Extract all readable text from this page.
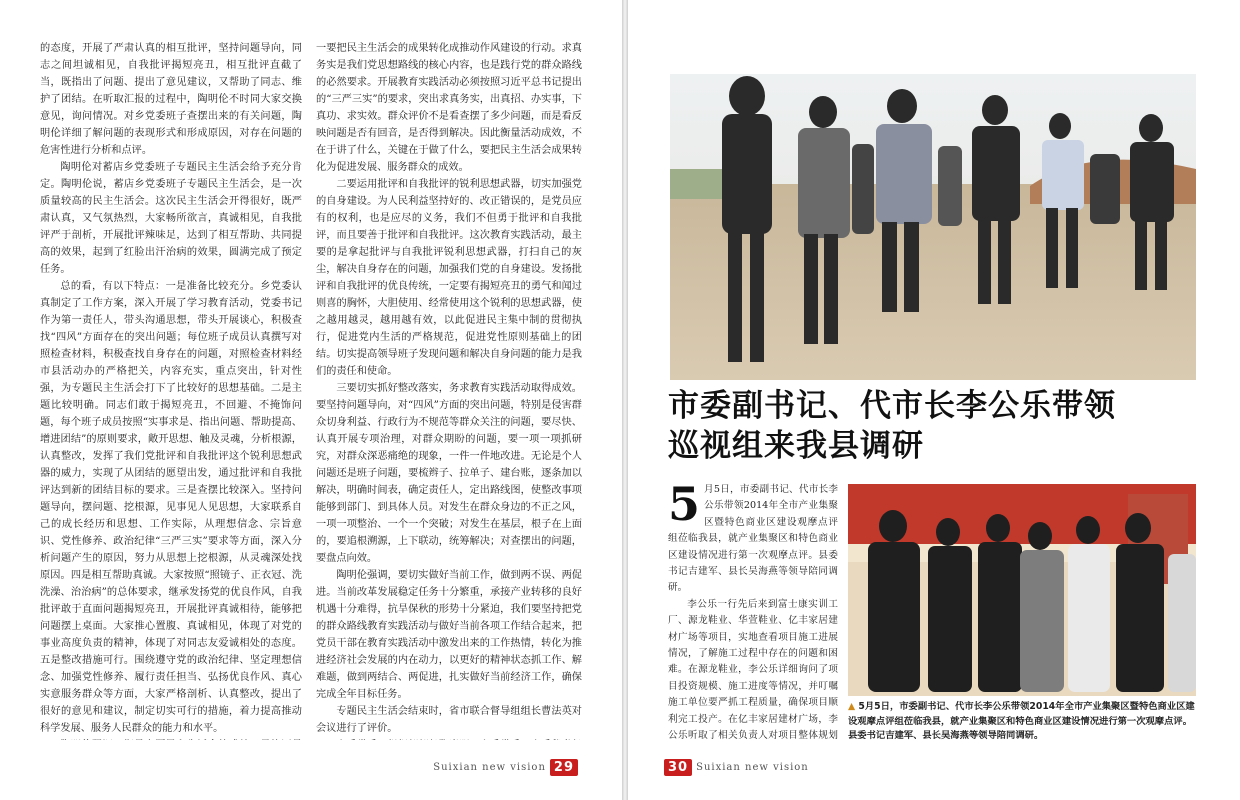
的态度，开展了严肃认真的相互批评，坚持问题导向，同志之间坦诚相见，自我批评揭短亮丑，相互批评直截了当，既指出了问题、提出了意见建议，又帮助了同志、维护了团结。在听取汇报的过程中，陶明伦不时同大家交换意见，询问情况。对乡党委班子查摆出来的有关问题，陶明伦详细了解问题的表现形式和形成原因，对存在问题的危害性进行分析和点评。

陶明伦对蓄店乡党委班子专题民主生活会给予充分肯定。陶明伦说，蓄店乡党委班子专题民主生活会，是一次质量较高的民主生活会。这次民主生活会开得很好，既严肃认真，又气氛热烈，大家畅所欲言，真诚相见，自我批评严于剖析，开展批评辣味足，达到了相互帮助、共同提高的效果，起到了红脸出汗治病的效果，圆满完成了预定任务。

总的看，有以下特点：一是准备比较充分。乡党委认真制定了工作方案，深入开展了学习教育活动，党委书记作为第一责任人，带头沟通思想，带头开展谈心，积极查找“四风”方面存在的突出问题；每位班子成员认真撰写对照检查材料，积极查找自身存在的问题，对照检查材料经市县活动办的严格把关，内容充实，重点突出，针对性强，为专题民主生活会打下了比较好的思想基础。二是主题比较明确。同志们敢于揭短亮丑，不回避、不掩饰问题，每个班子成员按照“实事求是、指出问题、帮助提高、增进团结”的原则要求，敞开思想、触及灵魂，分析根源，认真整改，发挥了我们党批评和自我批评这个锐利思想武器的威力，实现了从团结的愿望出发，通过批评和自我批评达到新的团结目标的要求。三是查摆比较深入。坚持问题导向，摆问题、挖根源，见事见人见思想，大家联系自己的成长经历和思想、工作实际，从理想信念、宗旨意识、党性修养、政治纪律“三严三实”要求等方面，深入分析问题产生的原因，努力从思想上挖根源，从灵魂深处找原因。四是相互帮助真诚。大家按照“照镜子、正衣冠、洗洗澡、治治病”的总体要求，继承发扬党的优良作风，自我批评敢于直面问题揭短亮丑，开展批评真诚相待，能够把问题摆上桌面。大家推心置腹、真诚相见，体现了对党的事业高度负责的精神，体现了对同志友爱诚相处的态度。五是整改措施可行。围绕遵守党的政治纪律、坚定理想信念、加强党性修养、履行责任担当、弘扬优良作风、真心实意服务群众等方面，大家严格剖析、认真整改，提出了很好的意见和建议，制定切实可行的措施，着力提高推动科学发展、服务人民群众的能力和水平。

一要把民主生活会的成果转化成推动作风建设的行动。求真务实是我们党思想路线的核心内容，也是践行党的群众路线的必然要求。开展教育实践活动必须按照习近平总书记提出的“三严三实”的要求，突出求真务实，出真招、办实事，下真功、求实效。群众评价不是看查摆了多少问题，而是看反映问题是否有回音，是否得到解决。因此衡量活动成效，不在于讲了什么，关键在于做了什么，要把民主生活会成果转化为促进发展、服务群众的成效。

二要运用批评和自我批评的锐利思想武器，切实加强党的自身建设。为人民利益坚持好的、改正错误的，是党员应有的权利，也是应尽的义务，我们不但勇于批评和自我批评，而且要善于批评和自我批评。这次教育实践活动，最主要的是拿起批评与自我批评锐利思想武器，打扫自己的灰尘，解决自身存在的问题，加强我们党的自身建设。发扬批评和自我批评的优良传统，一定要有揭短亮丑的勇气和闻过则喜的胸怀，大胆使用、经常使用这个锐利的思想武器，使之越用越灵，越用越有效，以此促进民主集中制的贯彻执行，促进党内生活的严格规范，促进党性原则基础上的团结。切实提高领导班子发现问题和解决自身问题的能力是我们的责任和使命。

三要切实抓好整改落实，务求教育实践活动取得成效。要坚持问题导向，对“四风”方面的突出问题，特别是侵害群众切身利益、行政行为不规范等群众关注的问题，要尽快、认真开展专项治理，对群众期盼的问题，要一项一项抓研究，对群众深恶痛绝的现象，一件一件地改进。无论是个人问题还是班子问题，要梳辫子、拉单子、建台账，逐条加以解决，明确时间表，确定责任人，定出路线图，使整改事项能够到部门、到具体人员。对发生在群众身边的不正之风，一项一项整治、一个一个突破；对发生在基层，根子在上面的，要追根溯源，上下联动，统筹解决；对查摆出的问题，要盘点向效。

陶明伦强调，要切实做好当前工作，做到两不误、两促进。当前改革发展稳定任务十分繁重，承接产业转移的良好机遇十分难得，抗旱保秋的形势十分紧迫，我们要坚持把党的群众路线教育实践活动与做好当前各项工作结合起来，把党员干部在教育实践活动中激发出来的工作热情，转化为推进经济社会发展的内在动力，以更好的精神状态抓工作、解难题，做到两结合、两促进，扎实做好当前经济工作，确保完成全年目标任务。

专题民主生活会结束时，省市联合督导组组长曹法英对会议进行了评价。

Suixian new vision 29
市委副书记、代市长李公乐带领
巡视组来我县调研

5 月5日，市委副书记、代市长李公乐带领2014年全市产业集聚区暨特色商业区建设观摩点评组莅临我县，就产业集聚区和特色商业区建设情况进行第一次观摩点评。县委书记吉建军、县长吴海燕等领导陪同调研。

李公乐一行先后来到富士康实训工厂、源龙鞋业、华萱鞋业、亿丰家居建材广场等项目，实地查看项目施工进展情况，了解施工过程中存在的问题和困难。在源龙鞋业，李公乐详细询问了项目投资规模、施工进度等情况，并叮嘱施工单位要严抓工程质量，确保项目顺利完工投产。在亿丰家居建材广场，李公乐听取了相关负责人对项目整体规划

▲ 5月5日，市委副书记、代市长李公乐带领2014年全市产业集聚区暨特色商业区建设观摩点评组莅临我县，就产业集聚区和特色商业区建设情况进行第一次观摩点评。县委书记吉建军、县长吴海燕等领导陪同调研。
30 Suixian new vision
